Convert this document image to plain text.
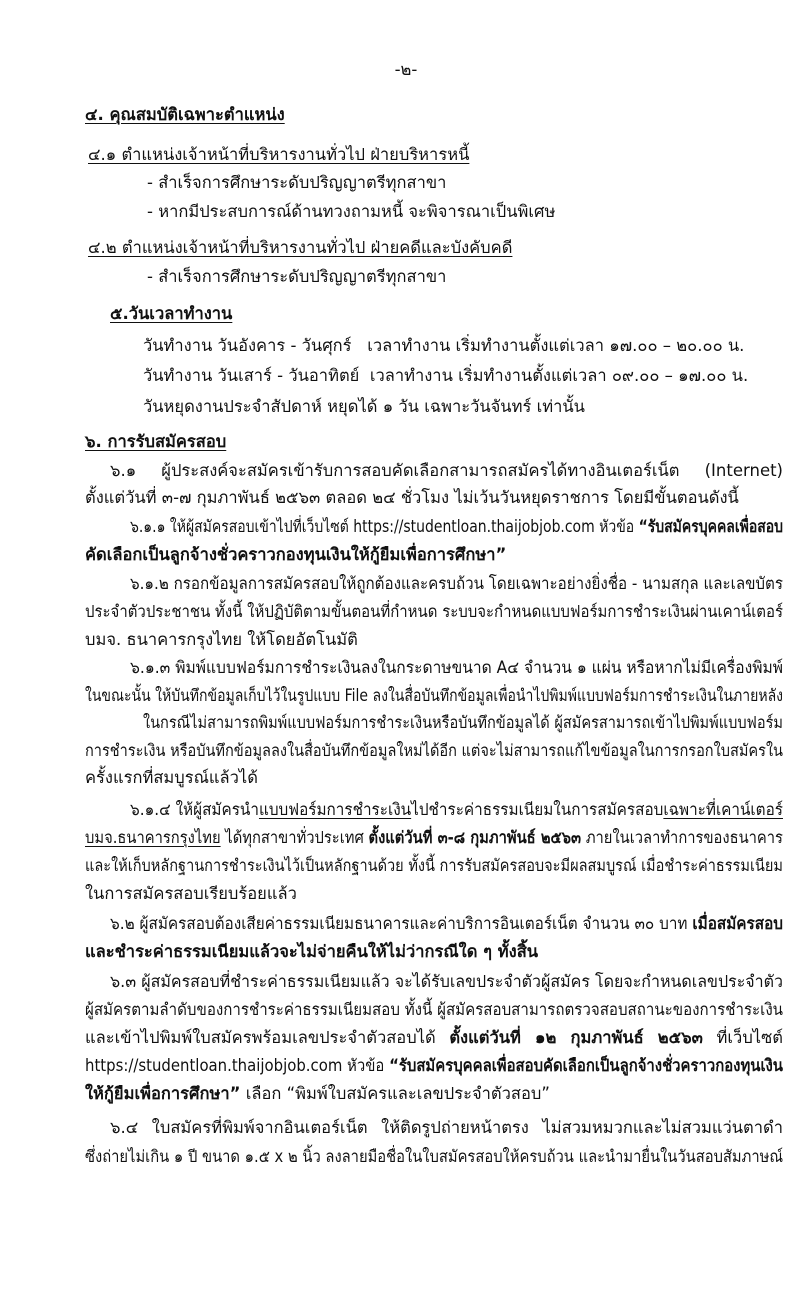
-๒-
๔. คุณสมบัติเฉพาะตำแหน่ง
๔.๑ ตำแหน่งเจ้าหน้าที่บริหารงานทั่วไป ฝ่ายบริหารหนี้
- สำเร็จการศึกษาระดับปริญญาตรีทุกสาขา
- หากมีประสบการณ์ด้านทวงถามหนี้ จะพิจารณาเป็นพิเศษ
๔.๒ ตำแหน่งเจ้าหน้าที่บริหารงานทั่วไป ฝ่ายคดีและบังคับคดี
- สำเร็จการศึกษาระดับปริญญาตรีทุกสาขา
๕.วันเวลาทำงาน
วันทำงาน วันอังคาร - วันศุกร์   เวลาทำงาน เริ่มทำงานตั้งแต่เวลา ๑๗.๐๐ – ๒๐.๐๐ น.
วันทำงาน วันเสาร์ - วันอาทิตย์  เวลาทำงาน เริ่มทำงานตั้งแต่เวลา ๐๙.๐๐ – ๑๗.๐๐ น.
วันหยุดงานประจำสัปดาห์ หยุดได้ ๑ วัน เฉพาะวันจันทร์ เท่านั้น
๖. การรับสมัครสอบ
๖.๑ ผู้ประสงค์จะสมัครเข้ารับการสอบคัดเลือกสามารถสมัครได้ทางอินเตอร์เน็ต (Internet)
ตั้งแต่วันที่ ๓-๗ กุมภาพันธ์ ๒๕๖๓ ตลอด ๒๔ ชั่วโมง ไม่เว้นวันหยุดราชการ โดยมีขั้นตอนดังนี้
๖.๑.๑ ให้ผู้สมัครสอบเข้าไปที่เว็บไซต์ https://studentloan.thaijobjob.com หัวข้อ “รับสมัครบุคคลเพื่อสอบ
คัดเลือกเป็นลูกจ้างชั่วคราวกองทุนเงินให้กู้ยืมเพื่อการศึกษา”
๖.๑.๒ กรอกข้อมูลการสมัครสอบให้ถูกต้องและครบถ้วน โดยเฉพาะอย่างยิ่งชื่อ - นามสกุล และเลขบัตร
ประจำตัวประชาชน ทั้งนี้ ให้ปฏิบัติตามขั้นตอนที่กำหนด ระบบจะกำหนดแบบฟอร์มการชำระเงินผ่านเคาน์เตอร์
บมจ. ธนาคารกรุงไทย ให้โดยอัตโนมัติ
๖.๑.๓ พิมพ์แบบฟอร์มการชำระเงินลงในกระดาษขนาด A๔ จำนวน ๑ แผ่น หรือหากไม่มีเครื่องพิมพ์
ในขณะนั้น ให้บันทึกข้อมูลเก็บไว้ในรูปแบบ File ลงในสื่อบันทึกข้อมูลเพื่อนำไปพิมพ์แบบฟอร์มการชำระเงินในภายหลัง
ในกรณีไม่สามารถพิมพ์แบบฟอร์มการชำระเงินหรือบันทึกข้อมูลได้ ผู้สมัครสามารถเข้าไปพิมพ์แบบฟอร์ม
การชำระเงิน หรือบันทึกข้อมูลลงในสื่อบันทึกข้อมูลใหม่ได้อีก แต่จะไม่สามารถแก้ไขข้อมูลในการกรอกใบสมัครใน
ครั้งแรกที่สมบูรณ์แล้วได้
๖.๑.๔ ให้ผู้สมัครนำแบบฟอร์มการชำระเงินไปชำระค่าธรรมเนียมในการสมัครสอบเฉพาะที่เคาน์เตอร์
บมจ.ธนาคารกรุงไทย ได้ทุกสาขาทั่วประเทศ ตั้งแต่วันที่ ๓-๘ กุมภาพันธ์ ๒๕๖๓ ภายในเวลาทำการของธนาคาร
และให้เก็บหลักฐานการชำระเงินไว้เป็นหลักฐานด้วย ทั้งนี้ การรับสมัครสอบจะมีผลสมบูรณ์ เมื่อชำระค่าธรรมเนียม
ในการสมัครสอบเรียบร้อยแล้ว
๖.๒ ผู้สมัครสอบต้องเสียค่าธรรมเนียมธนาคารและค่าบริการอินเตอร์เน็ต จำนวน ๓๐ บาท เมื่อสมัครสอบ
และชำระค่าธรรมเนียมแล้วจะไม่จ่ายคืนให้ไม่ว่ากรณีใด ๆ ทั้งสิ้น
๖.๓ ผู้สมัครสอบที่ชำระค่าธรรมเนียมแล้ว จะได้รับเลขประจำตัวผู้สมัคร โดยจะกำหนดเลขประจำตัว
ผู้สมัครตามลำดับของการชำระค่าธรรมเนียมสอบ ทั้งนี้ ผู้สมัครสอบสามารถตรวจสอบสถานะของการชำระเงิน
และเข้าไปพิมพ์ใบสมัครพร้อมเลขประจำตัวสอบได้ ตั้งแต่วันที่ ๑๒ กุมภาพันธ์ ๒๕๖๓ ที่เว็บไซต์
https://studentloan.thaijobjob.com หัวข้อ “รับสมัครบุคคลเพื่อสอบคัดเลือกเป็นลูกจ้างชั่วคราวกองทุนเงิน
ให้กู้ยืมเพื่อการศึกษา” เลือก “พิมพ์ใบสมัครและเลขประจำตัวสอบ”
๖.๔ ใบสมัครที่พิมพ์จากอินเตอร์เน็ต ให้ติดรูปถ่ายหน้าตรง ไม่สวมหมวกและไม่สวมแว่นตาดำ
ซึ่งถ่ายไม่เกิน ๑ ปี ขนาด ๑.๕ x ๒ นิ้ว ลงลายมือชื่อในใบสมัครสอบให้ครบถ้วน และนำมายื่นในวันสอบสัมภาษณ์
